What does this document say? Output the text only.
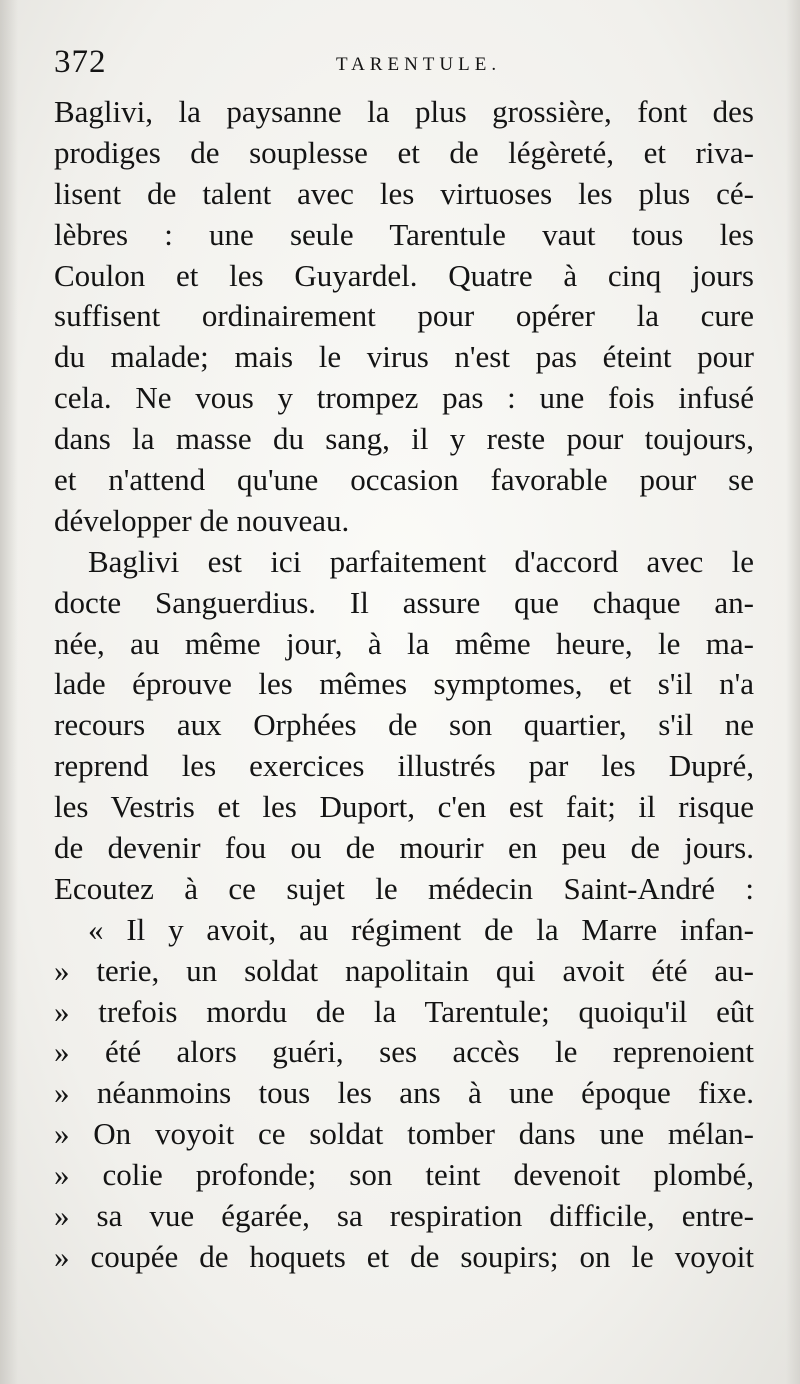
372	TARENTULE.
Baglivi, la paysanne la plus grossière, font des
prodiges de souplesse et de légèreté, et riva-
lisent de talent avec les virtuoses les plus cé-
lèbres : une seule Tarentule vaut tous les
Coulon et les Guyardel. Quatre à cinq jours
suffisent ordinairement pour opérer la cure
du malade; mais le virus n'est pas éteint pour
cela. Ne vous y trompez pas : une fois infusé
dans la masse du sang, il y reste pour toujours,
et n'attend qu'une occasion favorable pour se
développer de nouveau.
Baglivi est ici parfaitement d'accord avec le
docte Sanguerdius. Il assure que chaque an-
née, au même jour, à la même heure, le ma-
lade éprouve les mêmes symptomes, et s'il n'a
recours aux Orphées de son quartier, s'il ne
reprend les exercices illustrés par les Dupré,
les Vestris et les Duport, c'en est fait; il risque
de devenir fou ou de mourir en peu de jours.
Ecoutez à ce sujet le médecin Saint-André :
« Il y avoit, au régiment de la Marre infan-
» terie, un soldat napolitain qui avoit été au-
» trefois mordu de la Tarentule; quoiqu'il eût
» été alors guéri, ses accès le reprenoient
» néanmoins tous les ans à une époque fixe.
» On voyoit ce soldat tomber dans une mélan-
» colie profonde; son teint devenoit plombé,
» sa vue égarée, sa respiration difficile, entre-
» coupée de hoquets et de soupirs; on le voyoit
